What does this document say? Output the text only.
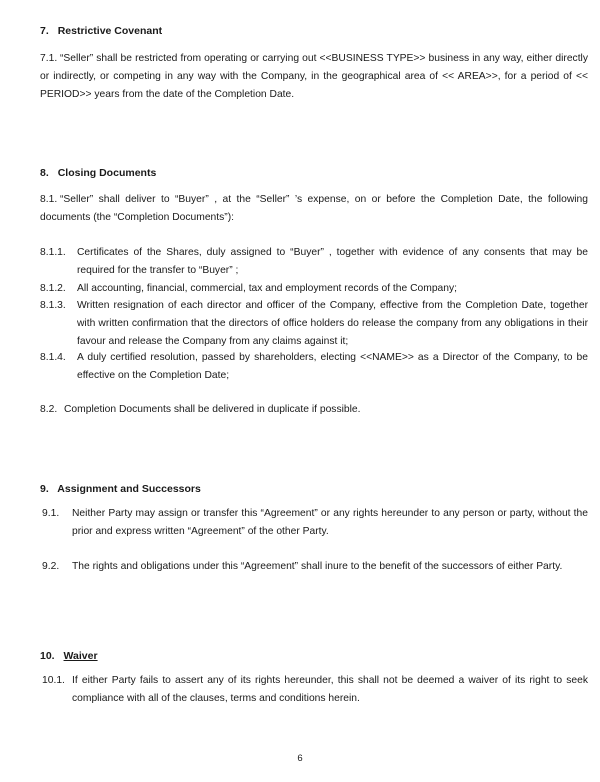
7. Restrictive Covenant
7.1. “Seller” shall be restricted from operating or carrying out <<BUSINESS TYPE>> business in any way, either directly or indirectly, or competing in any way with the Company, in the geographical area of << AREA>>, for a period of << PERIOD>> years from the date of the Completion Date.
8. Closing Documents
8.1. “Seller” shall deliver to “Buyer” , at the “Seller” ’s expense, on or before the Completion Date, the following documents (the “Completion Documents”):
8.1.1. Certificates of the Shares, duly assigned to “Buyer” , together with evidence of any consents that may be required for the transfer to “Buyer” ;
8.1.2. All accounting, financial, commercial, tax and employment records of the Company;
8.1.3. Written resignation of each director and officer of the Company, effective from the Completion Date, together with written confirmation that the directors of office holders do release the company from any obligations in their favour and release the Company from any claims against it;
8.1.4. A duly certified resolution, passed by shareholders, electing <<NAME>> as a Director of the Company, to be effective on the Completion Date;
8.2. Completion Documents shall be delivered in duplicate if possible.
9. Assignment and Successors
9.1. Neither Party may assign or transfer this “Agreement” or any rights hereunder to any person or party, without the prior and express written “Agreement” of the other Party.
9.2. The rights and obligations under this “Agreement” shall inure to the benefit of the successors of either Party.
10. Waiver
10.1. If either Party fails to assert any of its rights hereunder, this shall not be deemed a waiver of its right to seek compliance with all of the clauses, terms and conditions herein.
6
